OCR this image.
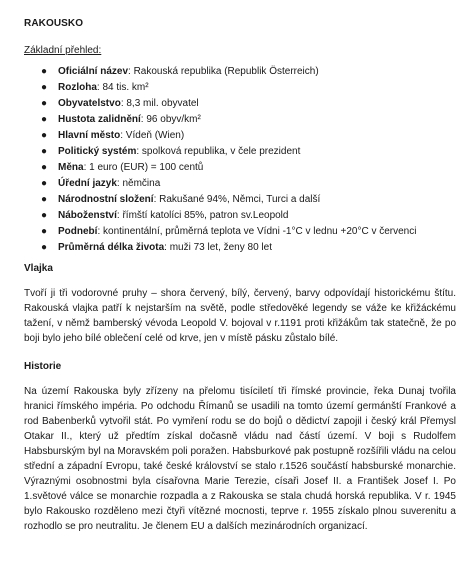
RAKOUSKO

Základní přehled:

● Oficiální název: Rakouská republika (Republik Österreich)
● Rozloha: 84 tis. km²
● Obyvatelstvo: 8,3 mil. obyvatel
● Hustota zalidnění: 96 obyv/km²
● Hlavní město: Vídeň (Wien)
● Politický systém: spolková republika, v čele prezident
● Měna: 1 euro (EUR) = 100 centů
● Úřední jazyk: němčina
● Národnostní složení: Rakušané 94%, Němci, Turci a další
● Náboženství: římští katolíci 85%, patron sv.Leopold
● Podnebí: kontinentální, průměrná teplota ve Vídni -1°C v lednu +20°C v červenci
● Průměrná délka života: muži 73 let, ženy 80 let
Vlajka

Tvoří ji tři vodorovné pruhy – shora červený, bílý, červený, barvy odpovídají historickému štítu. Rakouská vlajka patří k nejstarším na světě, podle středověké legendy se váže ke křižáckému tažení, v němž bamberský vévoda Leopold V. bojoval v r.1191 proti křižákům tak statečně, že po boji bylo jeho bílé oblečení celé od krve, jen v místě pásku zůstalo bílé.

Historie

Na území Rakouska byly zřízeny na přelomu tisíciletí tři římské provincie, řeka Dunaj tvořila hranici římského impéria. Po odchodu Římanů se usadili na tomto území germánští Frankové a rod Babenberků vytvořil stát. Po vymření rodu se do bojů o dědictví zapojil i český král Přemysl Otakar II., který už předtím získal dočasně vládu nad částí území. V boji s Rudolfem Habsburským byl na Moravském poli poražen. Habsburkové pak postupně rozšířili vládu na celou střední a západní Evropu, také české království se stalo r.1526 součástí habsburské monarchie. Výraznými osobnostmi byla císařovna Marie Terezie, císaři Josef II. a František Josef I. Po 1.světové válce se monarchie rozpadla a z Rakouska se stala chudá horská republika. V r. 1945 bylo Rakousko rozděleno mezi čtyři vítězné mocnosti, teprve r. 1955 získalo plnou suverenitu a rozhodlo se pro neutralitu. Je členem EU a dalších mezinárodních organizací.
